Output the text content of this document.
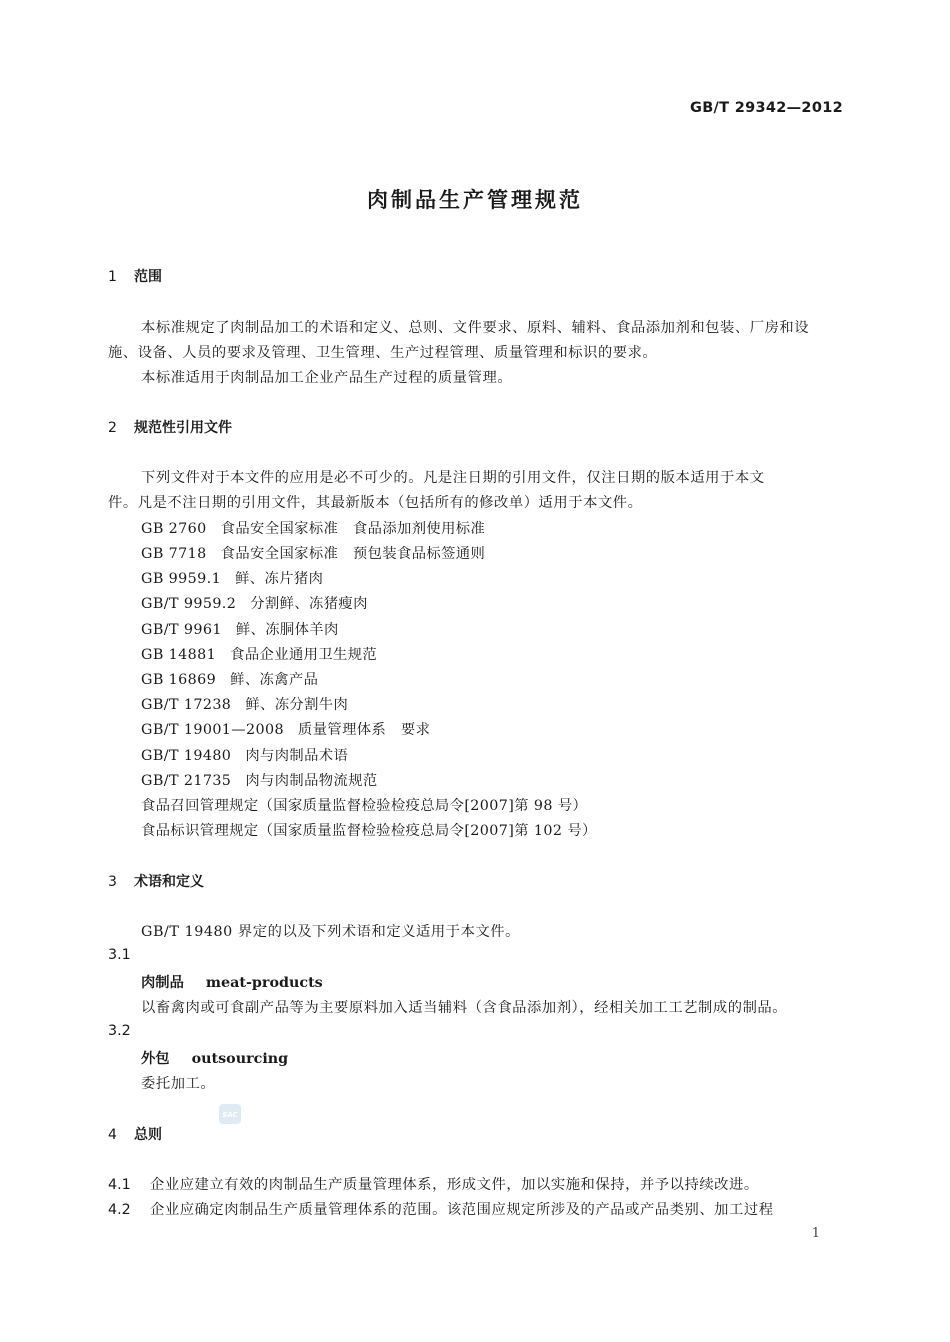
GB/T 29342—2012
肉制品生产管理规范
1 范围
本标准规定了肉制品加工的术语和定义、总则、文件要求、原料、辅料、食品添加剂和包装、厂房和设
施、设备、人员的要求及管理、卫生管理、生产过程管理、质量管理和标识的要求。
本标准适用于肉制品加工企业产品生产过程的质量管理。
2 规范性引用文件
下列文件对于本文件的应用是必不可少的。凡是注日期的引用文件，仅注日期的版本适用于本文
件。凡是不注日期的引用文件，其最新版本（包括所有的修改单）适用于本文件。
GB 2760 食品安全国家标准　食品添加剂使用标准
GB 7718 食品安全国家标准　预包装食品标签通则
GB 9959.1 鲜、冻片猪肉
GB/T 9959.2 分割鲜、冻猪瘦肉
GB/T 9961 鲜、冻胴体羊肉
GB 14881 食品企业通用卫生规范
GB 16869 鲜、冻禽产品
GB/T 17238 鲜、冻分割牛肉
GB/T 19001—2008 质量管理体系　要求
GB/T 19480 肉与肉制品术语
GB/T 21735 肉与肉制品物流规范
食品召回管理规定（国家质量监督检验检疫总局令[2007]第 98 号）
食品标识管理规定（国家质量监督检验检疫总局令[2007]第 102 号）
3 术语和定义
GB/T 19480 界定的以及下列术语和定义适用于本文件。
3.1
肉制品 meat-products
以畜禽肉或可食副产品等为主要原料加入适当辅料（含食品添加剂），经相关加工工艺制成的制品。
3.2
外包 outsourcing
委托加工。
SAC
4 总则
4.1 企业应建立有效的肉制品生产质量管理体系，形成文件，加以实施和保持，并予以持续改进。
4.2 企业应确定肉制品生产质量管理体系的范围。该范围应规定所涉及的产品或产品类别、加工过程
1
